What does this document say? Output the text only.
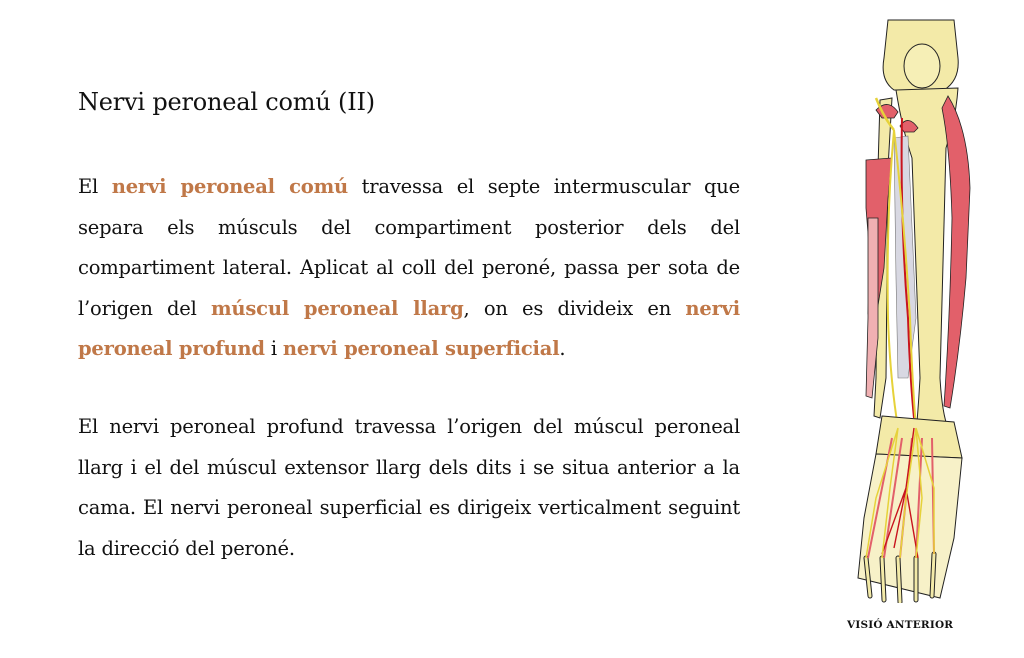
Nervi peroneal comú (II)

El nervi peroneal comú travessa el septe intermuscular que separa els músculs del compartiment posterior dels del compartiment lateral. Aplicat al coll del peroné, passa per sota de l’origen del múscul peroneal llarg, on es divideix en nervi peroneal profund i nervi peroneal superficial.

El nervi peroneal profund travessa l’origen del múscul peroneal llarg i el del múscul extensor llarg dels dits i se situa anterior a la cama. El nervi peroneal superficial es dirigeix verticalment seguint la direcció del peroné.

VISIÓ ANTERIOR
